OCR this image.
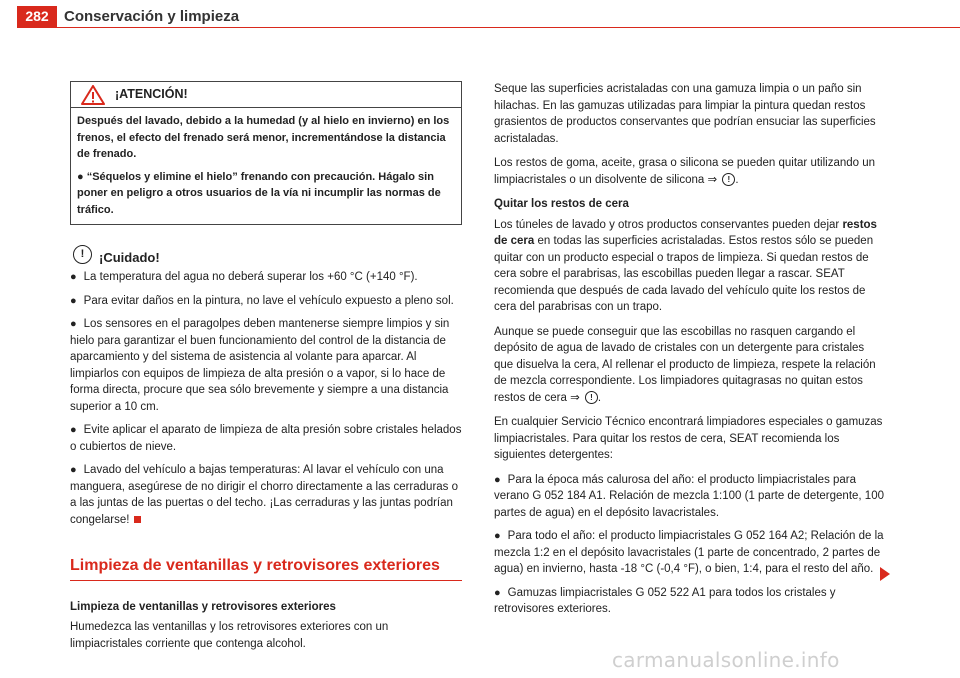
282	Conservación y limpieza
¡ATENCIÓN!

Después del lavado, debido a la humedad (y al hielo en invierno) en los frenos, el efecto del frenado será menor, incrementándose la distancia de frenado.

● “Séquelos y elimine el hielo” frenando con precaución. Hágalo sin poner en peligro a otros usuarios de la vía ni incumplir las normas de tráfico.

!	¡Cuidado!

● La temperatura del agua no deberá superar los +60 °C (+140 °F).

● Para evitar daños en la pintura, no lave el vehículo expuesto a pleno sol.

● Los sensores en el paragolpes deben mantenerse siempre limpios y sin hielo para garantizar el buen funcionamiento del control de la distancia de aparcamiento y del sistema de asistencia al volante para aparcar. Al limpiarlos con equipos de limpieza de alta presión o a vapor, si lo hace de forma directa, procure que sea sólo brevemente y siempre a una distancia superior a 10 cm.

● Evite aplicar el aparato de limpieza de alta presión sobre cristales helados o cubiertos de nieve.

● Lavado del vehículo a bajas temperaturas: Al lavar el vehículo con una manguera, asegúrese de no dirigir el chorro directamente a las cerraduras o a las juntas de las puertas o del techo. ¡Las cerraduras y las juntas podrían congelarse!

Limpieza de ventanillas y retrovisores exteriores
Limpieza de ventanillas y retrovisores exteriores

Humedezca las ventanillas y los retrovisores exteriores con un limpiacristales corriente que contenga alcohol.

Seque las superficies acristaladas con una gamuza limpia o un paño sin hilachas. En las gamuzas utilizadas para limpiar la pintura quedan restos grasientos de productos conservantes que podrían ensuciar las superficies acristaladas.

Los restos de goma, aceite, grasa o silicona se pueden quitar utilizando un limpiacristales o un disolvente de silicona ⇒ ! .

Quitar los restos de cera

Los túneles de lavado y otros productos conservantes pueden dejar restos de cera en todas las superficies acristaladas. Estos restos sólo se pueden quitar con un producto especial o trapos de limpieza. Si quedan restos de cera sobre el parabrisas, las escobillas pueden llegar a rascar. SEAT recomienda que después de cada lavado del vehículo quite los restos de cera del parabrisas con un trapo.

Aunque se puede conseguir que las escobillas no rasquen cargando el depósito de agua de lavado de cristales con un detergente para cristales que disuelva la cera, Al rellenar el producto de limpieza, respete la relación de mezcla correspondiente. Los limpiadores quitagrasas no quitan estos restos de cera ⇒ ! .

En cualquier Servicio Técnico encontrará limpiadores especiales o gamuzas limpiacristales. Para quitar los restos de cera, SEAT recomienda los siguientes detergentes:

● Para la época más calurosa del año: el producto limpiacristales para verano G 052 184 A1. Relación de mezcla 1:100 (1 parte de detergente, 100 partes de agua) en el depósito lavacristales.

● Para todo el año: el producto limpiacristales G 052 164 A2; Relación de la mezcla 1:2 en el depósito lavacristales (1 parte de concentrado, 2 partes de agua) en invierno, hasta -18 °C (-0,4 °F), o bien, 1:4, para el resto del año.

● Gamuzas limpiacristales G 052 522 A1 para todos los cristales y retrovisores exteriores.

carmanualsonline.info
